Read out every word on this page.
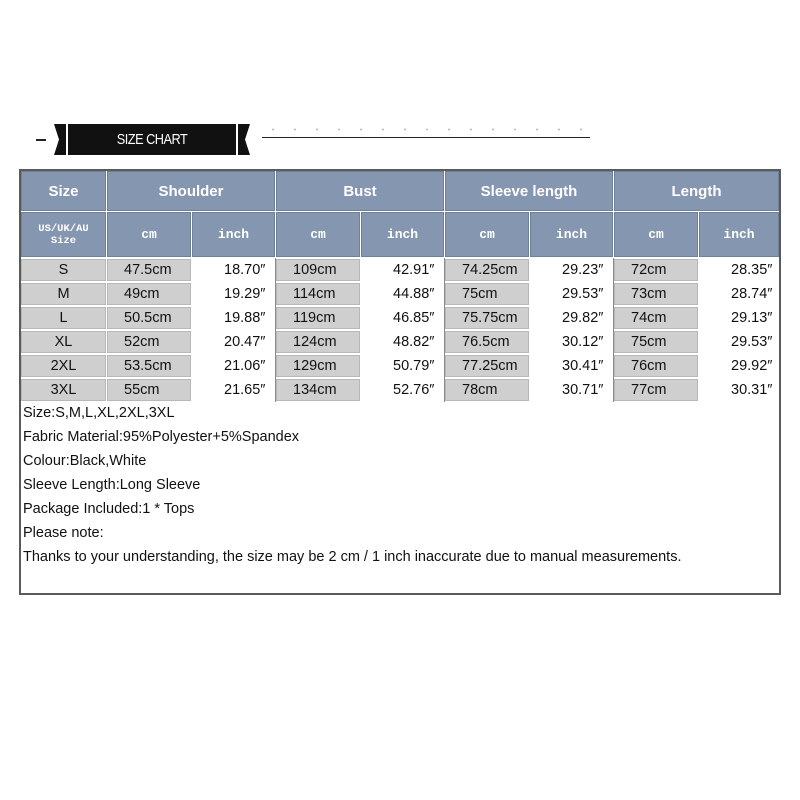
SIZE CHART
Size	Shoulder	Bust	Sleeve length	Length
US/UK/AU
Size	cm	inch	cm	inch	cm	inch	cm	inch
S	47.5cm	18.70″	109cm	42.91″	74.25cm	29.23″	72cm	28.35″
M	49cm	19.29″	114cm	44.88″	75cm	29.53″	73cm	28.74″
L	50.5cm	19.88″	119cm	46.85″	75.75cm	29.82″	74cm	29.13″
XL	52cm	20.47″	124cm	48.82″	76.5cm	30.12″	75cm	29.53″
2XL	53.5cm	21.06″	129cm	50.79″	77.25cm	30.41″	76cm	29.92″
3XL	55cm	21.65″	134cm	52.76″	78cm	30.71″	77cm	30.31″
Size:S,M,L,XL,2XL,3XL
Fabric Material:95%Polyester+5%Spandex
Colour:Black,White
Sleeve Length:Long Sleeve
Package Included:1 * Tops
Please note:
Thanks to your understanding, the size may be 2 cm / 1 inch inaccurate due to manual measurements.
